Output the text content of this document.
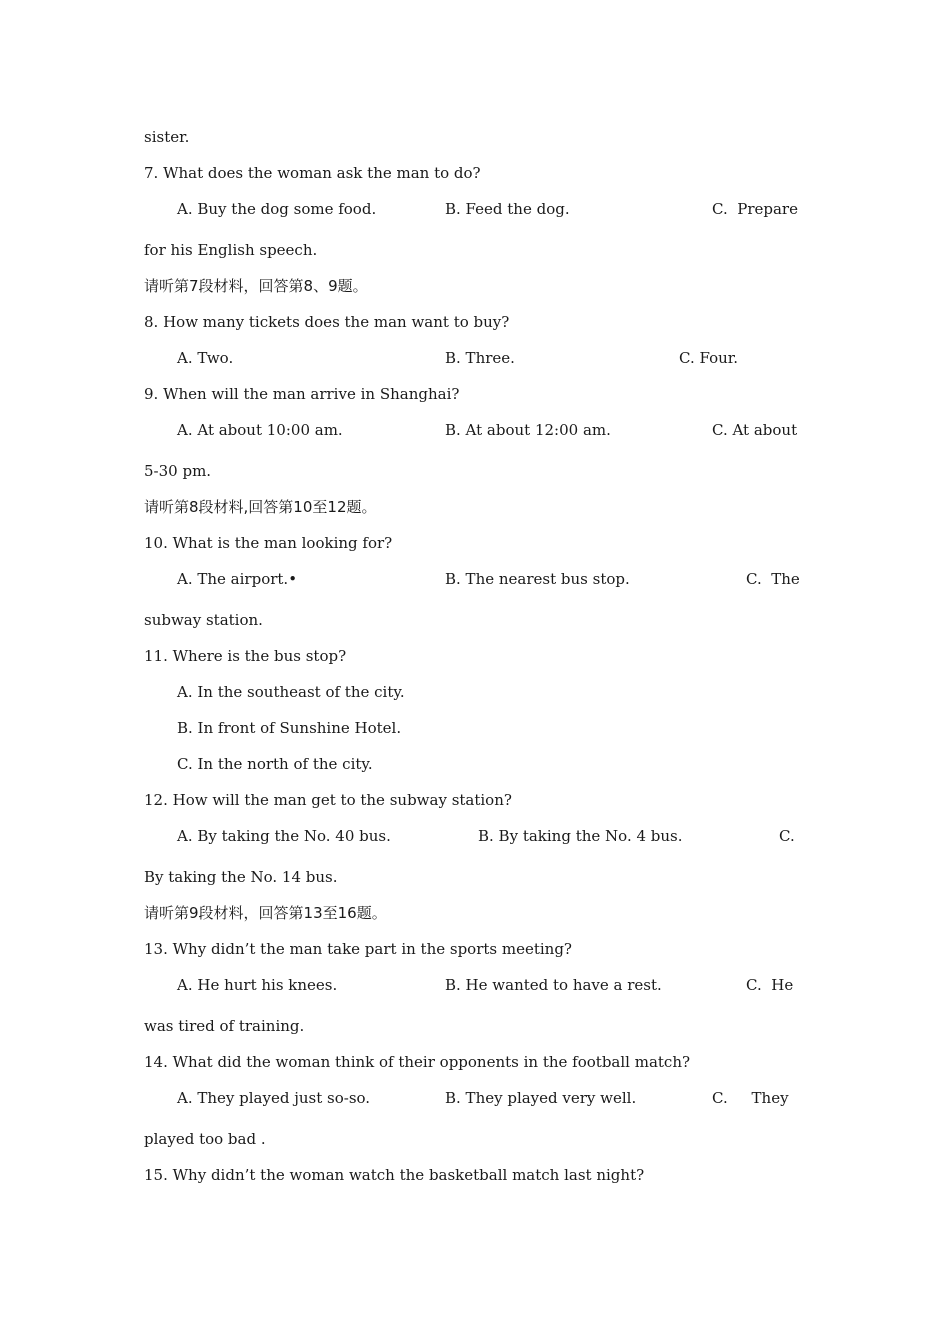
sister.
7. What does the woman ask the man to do?
A. Buy the dog some food.	B. Feed the dog.	C.  Prepare
for his English speech.
请听第7段材料，回答第8、9题。
8. How many tickets does the man want to buy?
A. Two.	B. Three.	C. Four.
9. When will the man arrive in Shanghai?
A. At about 10:00 am.	B. At about 12:00 am.	C. At about
5-30 pm.
请听第8段材料,回答第10至12题。
10. What is the man looking for?
A. The airport.•	B. The nearest bus stop.	C.  The
subway station.
11. Where is the bus stop?
A. In the southeast of the city.
B. In front of Sunshine Hotel.
C. In the north of the city.
12. How will the man get to the subway station?
A. By taking the No. 40 bus.	B. By taking the No. 4 bus.	C.
By taking the No. 14 bus.
请听第9段材料，回答第13至16题。
13. Why didn’t the man take part in the sports meeting?
A. He hurt his knees.	B. He wanted to have a rest.	C.  He
was tired of training.
14. What did the woman think of their opponents in the football match?
A. They played just so-so.	B. They played very well.	C.     They
played too bad .
15. Why didn’t the woman watch the basketball match last night?
